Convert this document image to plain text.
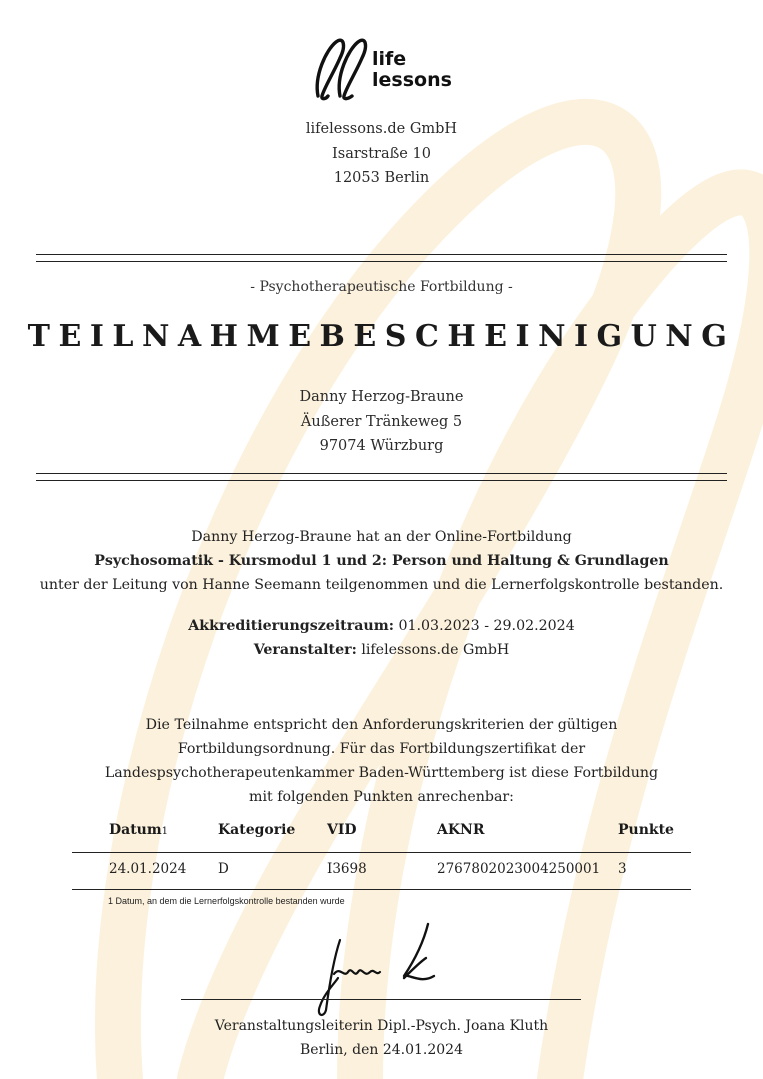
life
lessons
lifelessons.de GmbH
Isarstraße 10
12053 Berlin
- Psychotherapeutische Fortbildung -
TEILNAHMEBESCHEINIGUNG
Danny Herzog-Braune
Äußerer Tränkeweg 5
97074 Würzburg
Danny Herzog-Braune hat an der Online-Fortbildung
Psychosomatik - Kursmodul 1 und 2: Person und Haltung & Grundlagen
unter der Leitung von Hanne Seemann teilgenommen und die Lernerfolgskontrolle bestanden.
Akkreditierungszeitraum: 01.03.2023 - 29.02.2024
Veranstalter: lifelessons.de GmbH
Die Teilnahme entspricht den Anforderungskriterien der gültigen
Fortbildungsordnung. Für das Fortbildungszertifikat der
Landespsychotherapeutenkammer Baden-Württemberg ist diese Fortbildung
mit folgenden Punkten anrechenbar:
Datum1	Kategorie VID	AKNR	Punkte
24.01.2024 D	I3698	2767802023004250001 3
1 Datum, an dem die Lernerfolgskontrolle bestanden wurde
Veranstaltungsleiterin Dipl.-Psych. Joana Kluth
Berlin, den 24.01.2024
